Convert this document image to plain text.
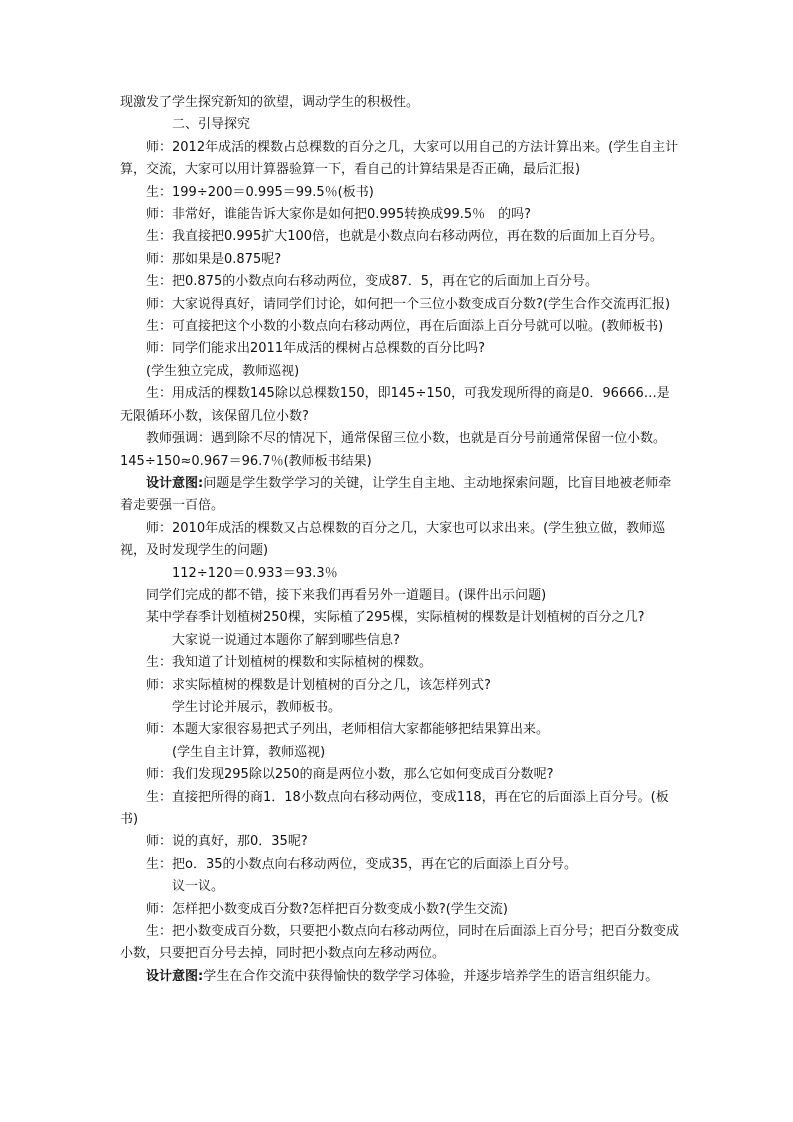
现激发了学生探究新知的欲望，调动学生的积极性。

二、引导探究

师：2012年成活的棵数占总棵数的百分之几，大家可以用自己的方法计算出来。(学生自主计算，交流，大家可以用计算器验算一下，看自己的计算结果是否正确，最后汇报)

生：199÷200＝0.995＝99.5％(板书)

师：非常好，谁能告诉大家你是如何把0.995转换成99.5％　的吗?

生：我直接把0.995扩大100倍，也就是小数点向右移动两位，再在数的后面加上百分号。

师：那如果是0.875呢?

生：把0.875的小数点向右移动两位，变成87．5，再在它的后面加上百分号。

师：大家说得真好，请同学们讨论，如何把一个三位小数变成百分数?(学生合作交流再汇报)

生：可直接把这个小数的小数点向右移动两位，再在后面添上百分号就可以啦。(教师板书)

师：同学们能求出2011年成活的棵树占总棵数的百分比吗?

(学生独立完成，教师巡视)

生：用成活的棵数145除以总棵数150，即145÷150，可我发现所得的商是0．96666…是无限循环小数，该保留几位小数?

教师强调：遇到除不尽的情况下，通常保留三位小数，也就是百分号前通常保留一位小数。145÷150≈0.967＝96.7％(教师板书结果)

设计意图:问题是学生数学学习的关键，让学生自主地、主动地探索问题，比盲目地被老师牵着走要强一百倍。

师：2010年成活的棵数又占总棵数的百分之几，大家也可以求出来。(学生独立做，教师巡视，及时发现学生的问题)

112÷120＝0.933＝93.3％

同学们完成的都不错，接下来我们再看另外一道题目。(课件出示问题)

某中学春季计划植树250棵，实际植了295棵，实际植树的棵数是计划植树的百分之几?

大家说一说通过本题你了解到哪些信息?

生：我知道了计划植树的棵数和实际植树的棵数。

师：求实际植树的棵数是计划植树的百分之几，该怎样列式?

学生讨论并展示，教师板书。

师：本题大家很容易把式子列出，老师相信大家都能够把结果算出来。

(学生自主计算，教师巡视)

师：我们发现295除以250的商是两位小数，那么它如何变成百分数呢?

生：直接把所得的商1．18小数点向右移动两位，变成118，再在它的后面添上百分号。(板书)

师：说的真好，那0．35呢?

生：把o．35的小数点向右移动两位，变成35，再在它的后面添上百分号。

议一议。

师：怎样把小数变成百分数?怎样把百分数变成小数?(学生交流)

生：把小数变成百分数，只要把小数点向右移动两位，同时在后面添上百分号；把百分数变成小数，只要把百分号去掉，同时把小数点向左移动两位。

设计意图:学生在合作交流中获得愉快的数学学习体验，并逐步培养学生的语言组织能力。
